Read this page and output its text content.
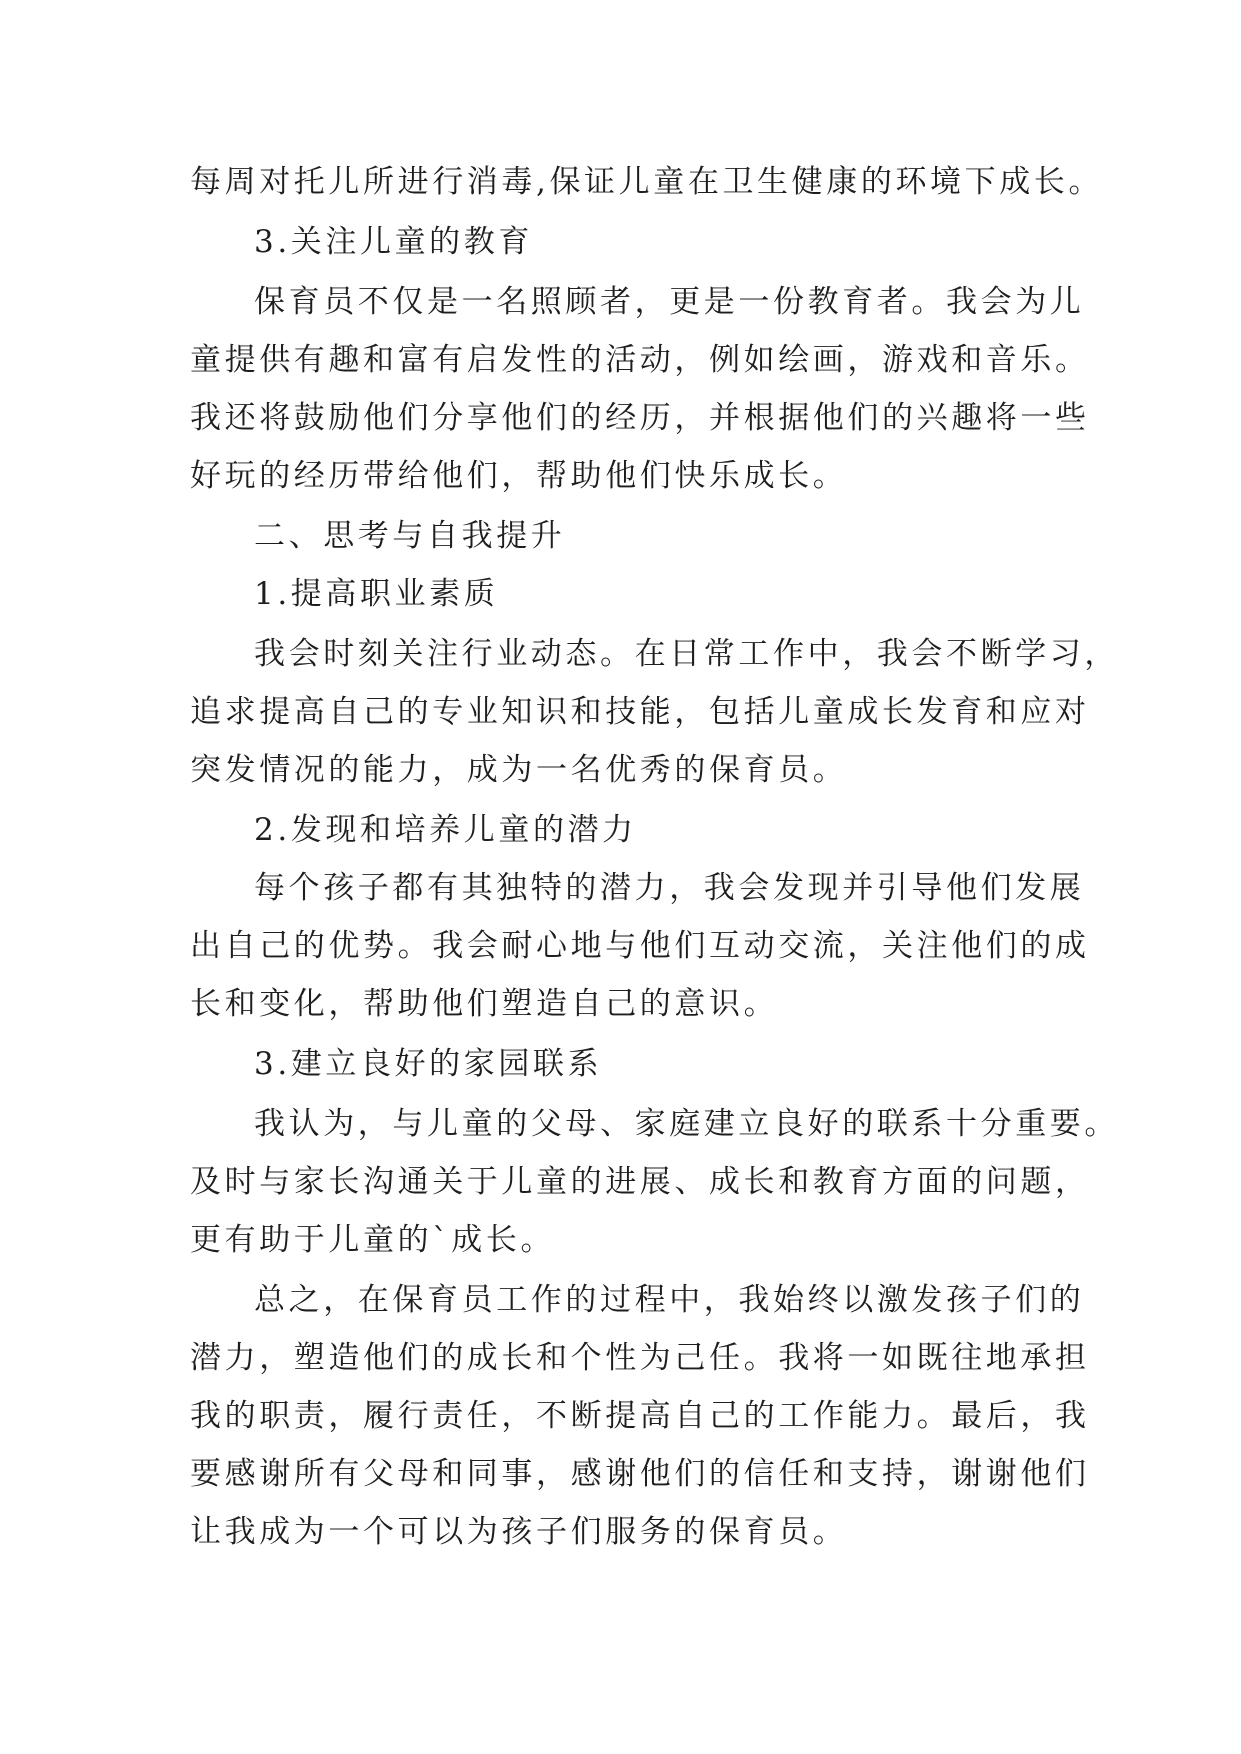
每周对托儿所进行消毒,保证儿童在卫生健康的环境下成长。
3.关注儿童的教育
保育员不仅是一名照顾者，更是一份教育者。我会为儿
童提供有趣和富有启发性的活动，例如绘画，游戏和音乐。
我还将鼓励他们分享他们的经历，并根据他们的兴趣将一些
好玩的经历带给他们，帮助他们快乐成长。
二、思考与自我提升
1.提高职业素质
我会时刻关注行业动态。在日常工作中，我会不断学习，
追求提高自己的专业知识和技能，包括儿童成长发育和应对
突发情况的能力，成为一名优秀的保育员。
2.发现和培养儿童的潜力
每个孩子都有其独特的潜力，我会发现并引导他们发展
出自己的优势。我会耐心地与他们互动交流，关注他们的成
长和变化，帮助他们塑造自己的意识。
3.建立良好的家园联系
我认为，与儿童的父母、家庭建立良好的联系十分重要。
及时与家长沟通关于儿童的进展、成长和教育方面的问题，
更有助于儿童的`成长。
总之，在保育员工作的过程中，我始终以激发孩子们的
潜力，塑造他们的成长和个性为己任。我将一如既往地承担
我的职责，履行责任，不断提高自己的工作能力。最后，我
要感谢所有父母和同事，感谢他们的信任和支持，谢谢他们
让我成为一个可以为孩子们服务的保育员。
